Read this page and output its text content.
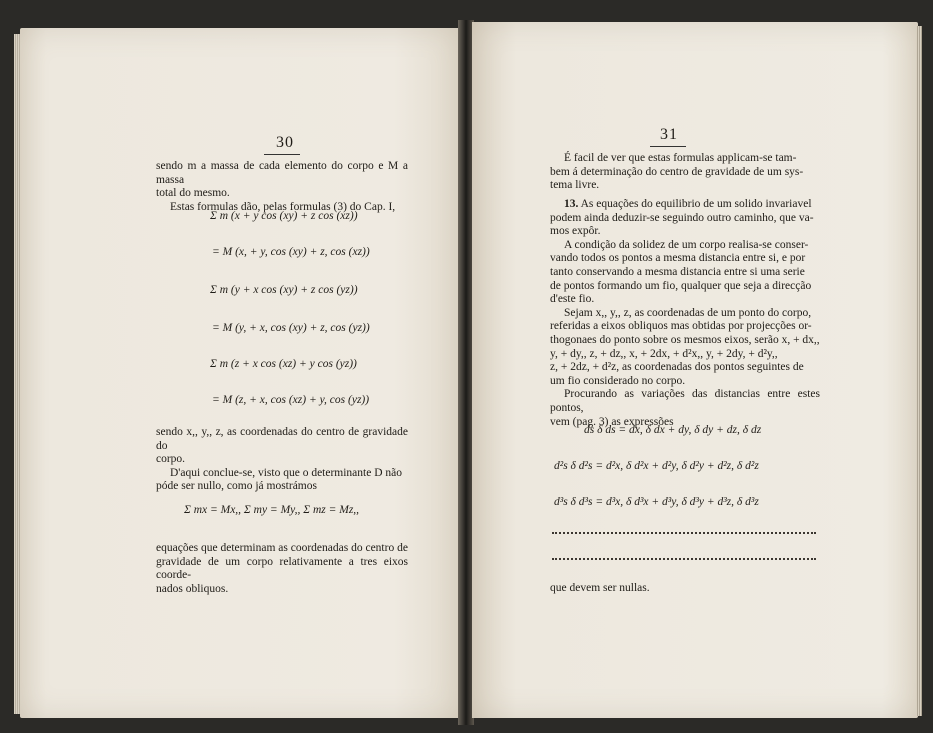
30

sendo m a massa de cada elemento do corpo e M a massa

total do mesmo.

Estas formulas dão, pelas formulas (3) do Cap. I,

Σ m (x + y cos (xy) + z cos (xz))
= M (x, + y, cos (xy) + z, cos (xz))
Σ m (y + x cos (xy) + z cos (yz))
= M (y, + x, cos (xy) + z, cos (yz))
Σ m (z + x cos (xz) + y cos (yz))
= M (z, + x, cos (xz) + y, cos (yz))

sendo x,, y,, z, as coordenadas do centro de gravidade do

corpo.

D'aqui conclue-se, visto que o determinante D não

póde ser nullo, como já mostrámos

Σ mx = Mx,, Σ my = My,, Σ mz = Mz,,

equações que determinam as coordenadas do centro de

gravidade de um corpo relativamente a tres eixos coorde-

nados obliquos.

31

É facil de ver que estas formulas applicam-se tam-

bem á determinação do centro de gravidade de um sys-

tema livre.

13. As equações do equilibrio de um solido invariavel

podem ainda deduzir-se seguindo outro caminho, que va-

mos expôr.

A condição da solidez de um corpo realisa-se conser-

vando todos os pontos a mesma distancia entre si, e por

tanto conservando a mesma distancia entre si uma serie

de pontos formando um fio, qualquer que seja a direcção

d'este fio.

Sejam x,, y,, z, as coordenadas de um ponto do corpo,

referidas a eixos obliquos mas obtidas por projecções or-

thogonaes do ponto sobre os mesmos eixos, serão x, + dx,,

y, + dy,, z, + dz,, x, + 2dx, + d²x,, y, + 2dy, + d²y,,

z, + 2dz, + d²z, as coordenadas dos pontos seguintes de

um fio considerado no corpo.

Procurando as variações das distancias entre estes pontos,

vem (pag. 3) as expressões

ds δ ds = dx, δ dx + dy, δ dy + dz, δ dz
d²s δ d²s = d²x, δ d²x + d²y, δ d²y + d²z, δ d²z
d³s δ d³s = d³x, δ d³x + d³y, δ d³y + d³z, δ d³z
que devem ser nullas.
